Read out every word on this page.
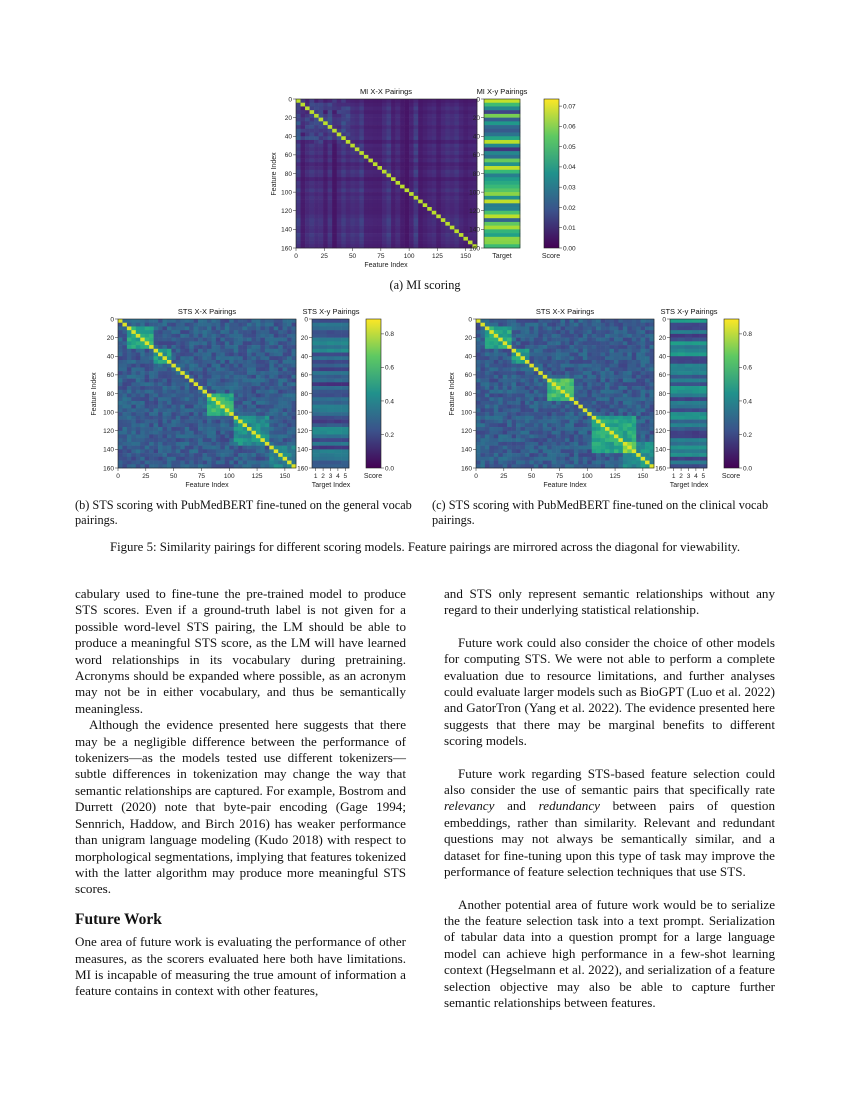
MI X-X Pairings	MI X-y Pairings
0
20
40
60
80
100
120
140
160
0	25	50	75	100	125	150
0
20
40
60
80
100
120
140
160
0.07
0.06
0.05
0.04
0.03
0.02
0.01
0.00
Feature Index
Feature Index
Target	Score
(a) MI scoring
STS X-X Pairings	STS X-y Pairings
0
20
40
60
80
100
120
140
160
0	25	50	75	100	125	150
0
20
40
60
80
100
120
140
160
1 2 3 4 5
0.8
0.6
0.4
0.2
0.0
Feature Index
Feature Index	Target Index
Score
STS X-X Pairings	STS X-y Pairings
0
20
40
60
80
100
120
140
160
0	25	50	75	100	125	150
0
20
40
60
80
100
120
140
160
1 2 3 4 5
0.8
0.6
0.4
0.2
0.0
Feature Index
Feature Index	Target Index
Score
(b) STS scoring with PubMedBERT fine-tuned on the general vocab pairings.
(c) STS scoring with PubMedBERT fine-tuned on the clinical vocab pairings.
Figure 5: Similarity pairings for different scoring models. Feature pairings are mirrored across the diagonal for viewability.

cabulary used to fine-tune the pre-trained model to produce STS scores. Even if a ground-truth label is not given for a possible word-level STS pairing, the LM should be able to produce a meaningful STS score, as the LM will have learned word relationships in its vocabulary during pretraining. Acronyms should be expanded where possible, as an acronym may not be in either vocabulary, and thus be semantically meaningless.

Although the evidence presented here suggests that there may be a negligible difference between the performance of tokenizers—as the models tested use different tokenizers—subtle differences in tokenization may change the way that semantic relationships are captured. For example, Bostrom and Durrett (2020) note that byte-pair encoding (Gage 1994; Sennrich, Haddow, and Birch 2016) has weaker performance than unigram language modeling (Kudo 2018) with respect to morphological segmentations, implying that features tokenized with the latter algorithm may produce more meaningful STS scores.

Future Work

One area of future work is evaluating the performance of other measures, as the scorers evaluated here both have limitations. MI is incapable of measuring the true amount of information a feature contains in context with other features,

and STS only represent semantic relationships without any regard to their underlying statistical relationship.

Future work could also consider the choice of other models for computing STS. We were not able to perform a complete evaluation due to resource limitations, and further analyses could evaluate larger models such as BioGPT (Luo et al. 2022) and GatorTron (Yang et al. 2022). The evidence presented here suggests that there may be marginal benefits to different scoring models.

Future work regarding STS-based feature selection could also consider the use of semantic pairs that specifically rate relevancy and redundancy between pairs of question embeddings, rather than similarity. Relevant and redundant questions may not always be semantically similar, and a dataset for fine-tuning upon this type of task may improve the performance of feature selection techniques that use STS.

Another potential area of future work would be to serialize the the feature selection task into a text prompt. Serialization of tabular data into a question prompt for a large language model can achieve high performance in a few-shot learning context (Hegselmann et al. 2022), and serialization of a feature selection objective may also be able to capture further semantic relationships between features.
